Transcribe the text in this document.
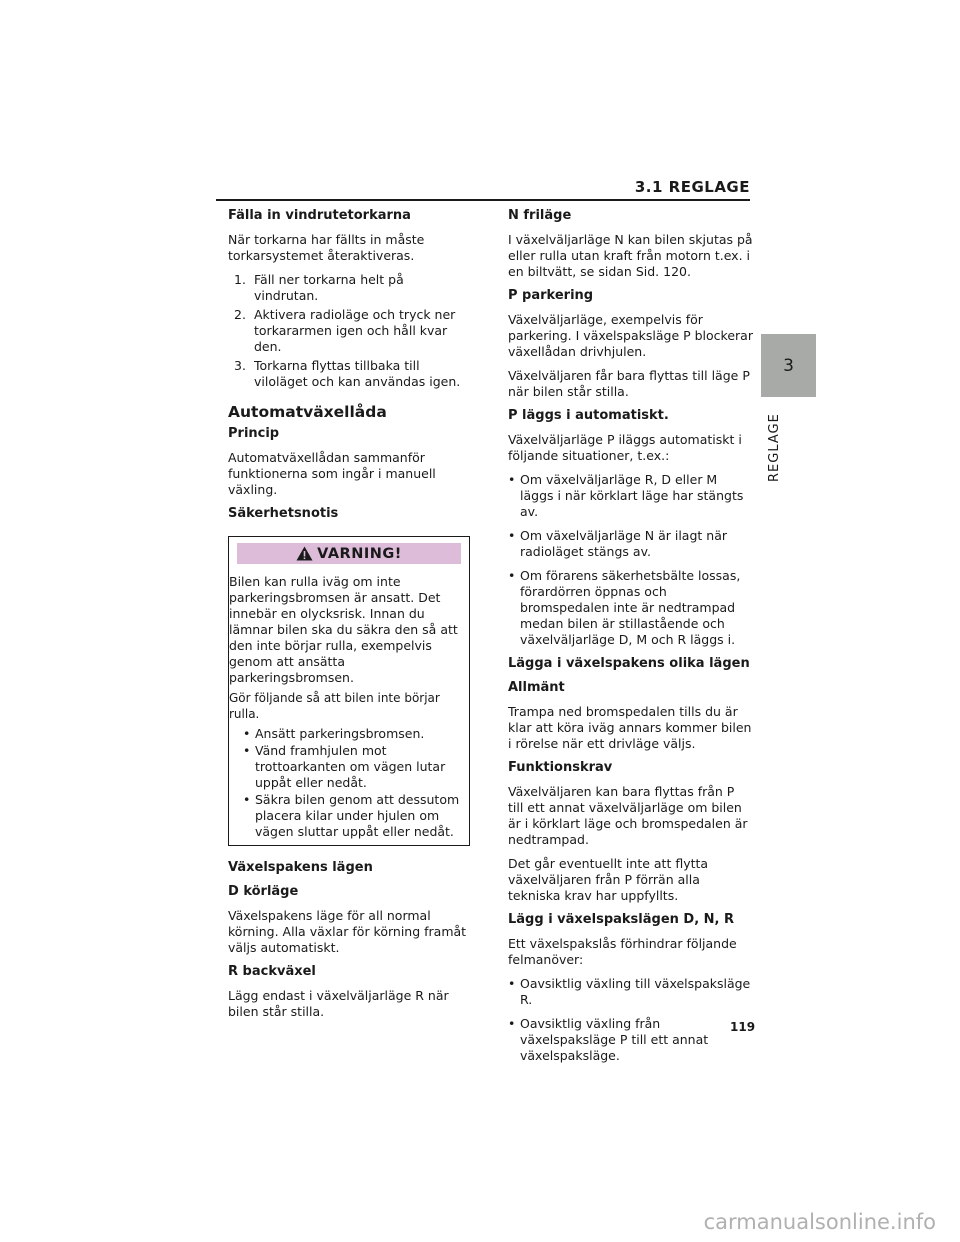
3.1 REGLAGE
3
REGLAGE
Fälla in vindrutetorkarna
När torkarna har fällts in måste torkarsystemet återaktiveras.
1. Fäll ner torkarna helt på vindrutan.
2. Aktivera radioläge och tryck ner torkararmen igen och håll kvar den.
3. Torkarna flyttas tillbaka till viloläget och kan användas igen.
Automatväxellåda
Princip
Automatväxellådan sammanför funktionerna som ingår i manuell växling.
Säkerhetsnotis
VARNING!
Bilen kan rulla iväg om inte parkeringsbromsen är ansatt. Det innebär en olycksrisk. Innan du lämnar bilen ska du säkra den så att den inte börjar rulla, exempelvis genom att ansätta parkeringsbromsen.
Gör följande så att bilen inte börjar rulla.
• Ansätt parkeringsbromsen.
• Vänd framhjulen mot trottoarkanten om vägen lutar uppåt eller nedåt.
• Säkra bilen genom att dessutom placera kilar under hjulen om vägen sluttar uppåt eller nedåt.
Växelspakens lägen
D körläge
Växelspakens läge för all normal körning. Alla växlar för körning framåt väljs automatiskt.
R backväxel
Lägg endast i växelväljarläge R när bilen står stilla.
N friläge
I växelväljarläge N kan bilen skjutas på eller rulla utan kraft från motorn t.ex. i en biltvätt, se sidan Sid. 120.
P parkering
Växelväljarläge, exempelvis för parkering. I växelspaksläge P blockerar växellådan drivhjulen.
Växelväljaren får bara flyttas till läge P när bilen står stilla.
P läggs i automatiskt.
Växelväljarläge P iläggs automatiskt i följande situationer, t.ex.:
• Om växelväljarläge R, D eller M läggs i när körklart läge har stängts av.
• Om växelväljarläge N är ilagt när radioläget stängs av.
• Om förarens säkerhetsbälte lossas, förardörren öppnas och bromspedalen inte är nedtrampad medan bilen är stillastående och växelväljarläge D, M och R läggs i.
Lägga i växelspakens olika lägen
Allmänt
Trampa ned bromspedalen tills du är klar att köra iväg annars kommer bilen i rörelse när ett drivläge väljs.
Funktionskrav
Växelväljaren kan bara flyttas från P till ett annat växelväljarläge om bilen är i körklart läge och bromspedalen är nedtrampad.
Det går eventuellt inte att flytta växelväljaren från P förrän alla tekniska krav har uppfyllts.
Lägg i växelspakslägen D, N, R
Ett växelspakslås förhindrar följande felmanöver:
• Oavsiktlig växling till växelspaksläge R.
• Oavsiktlig växling från växelspaksläge P till ett annat växelspaksläge.
119
carmanualsonline.info
